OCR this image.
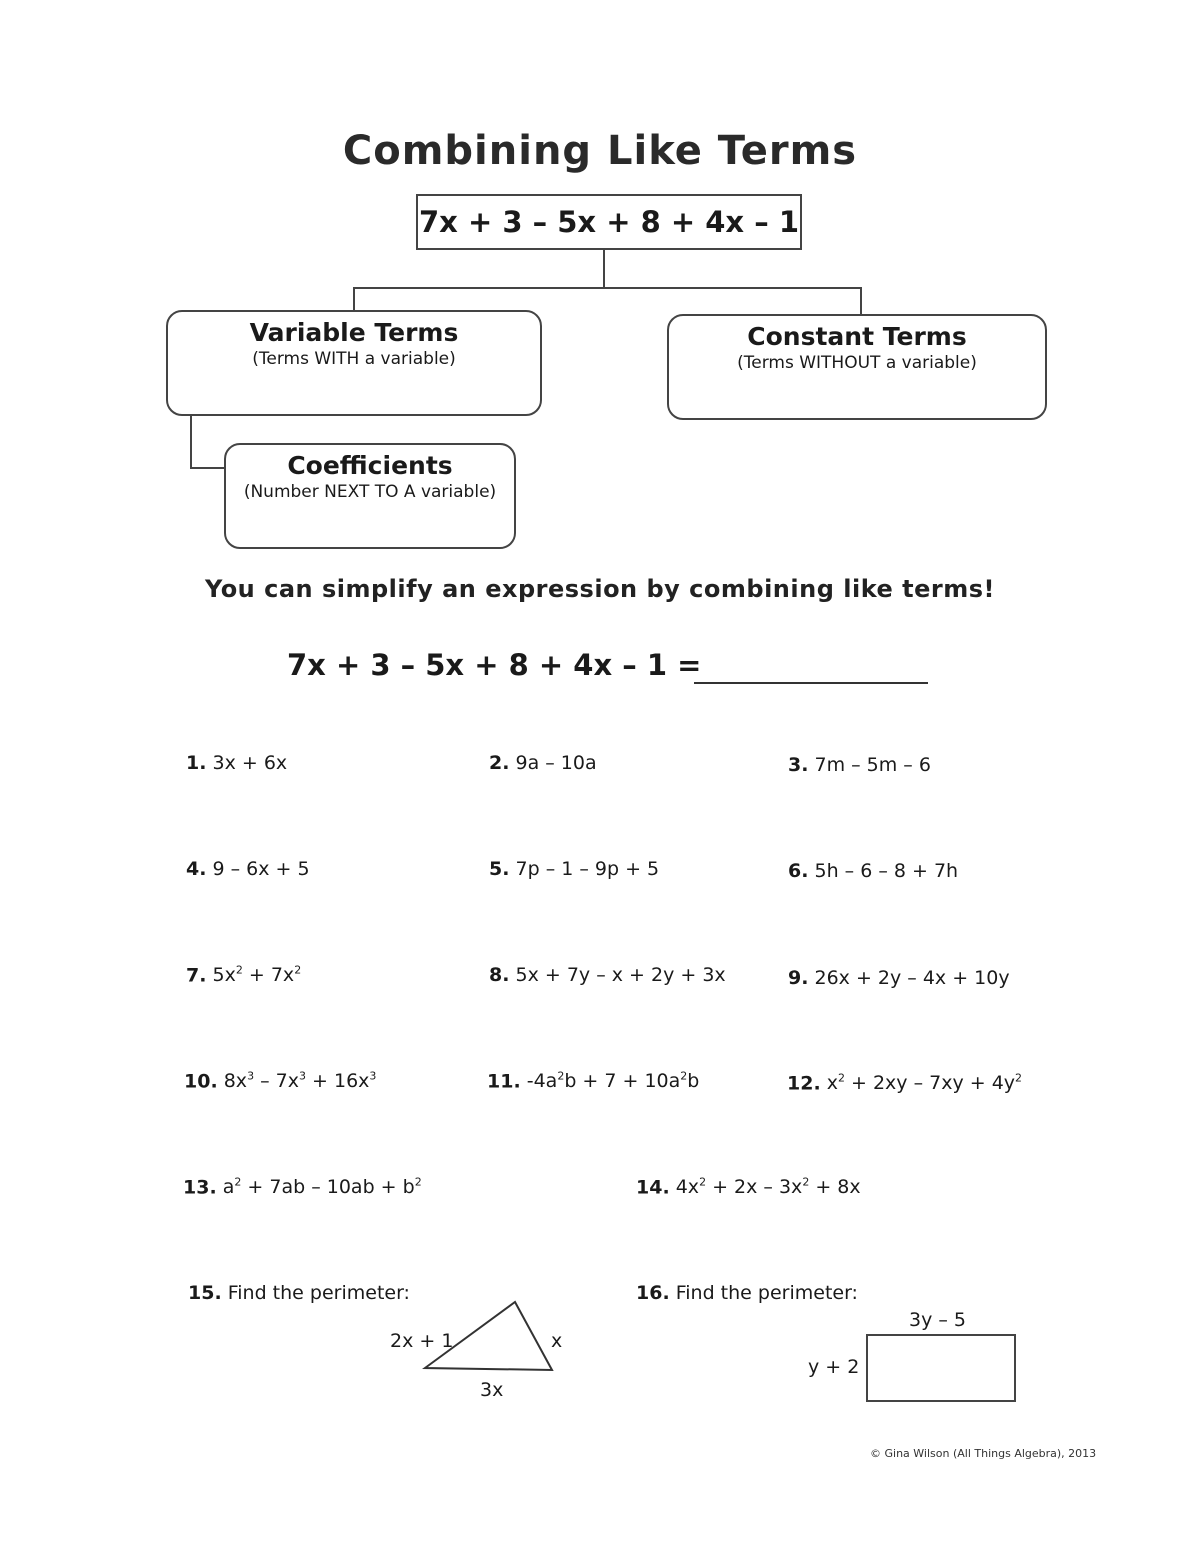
Combining Like Terms
7x + 3 – 5x + 8 + 4x – 1
Variable Terms
(Terms WITH a variable)
Constant Terms
(Terms WITHOUT a variable)
Coefficients
(Number NEXT TO A variable)
You can simplify an expression by combining like terms!
7x + 3 – 5x + 8 + 4x – 1 =
1. 3x + 6x	2. 9a – 10a	3. 7m – 5m – 6
4. 9 – 6x + 5	5. 7p – 1 – 9p + 5	6. 5h – 6 – 8 + 7h
7. $5x^2 + 7x^2$	8. 5x + 7y – x + 2y + 3x	9. 26x + 2y – 4x + 10y
10. $8x^3 - 7x^3 + 16x^3$	11. $-4a^2b + 7 + 10a^2b$	12. $x^2 + 2xy - 7xy + 4y^2$
13. $a^2 + 7ab - 10ab + b^2$	14. $4x^2 + 2x - 3x^2 + 8x$
15. Find the perimeter:	16. Find the perimeter:
2x + 1	x
3x
3y – 5
y + 2
© Gina Wilson (All Things Algebra), 2013
